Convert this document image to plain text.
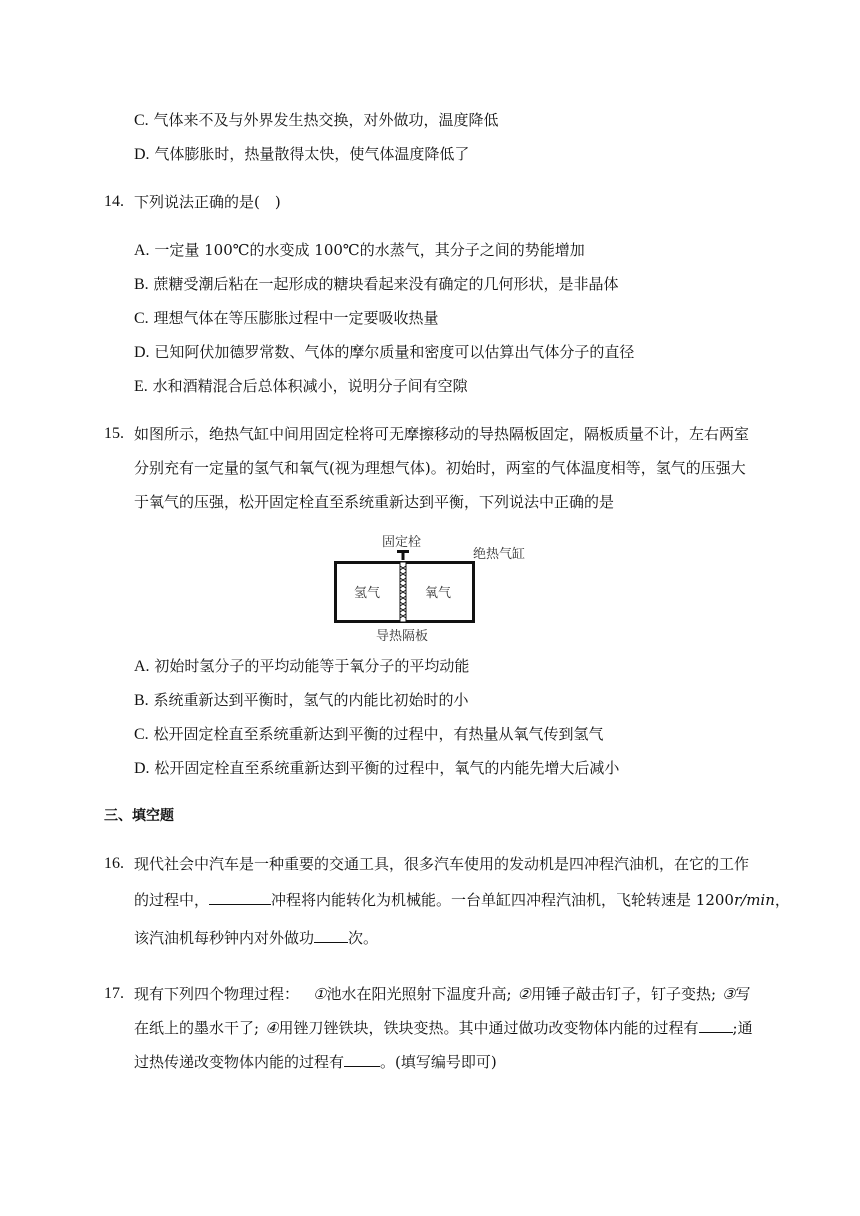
C. 气体来不及与外界发生热交换，对外做功，温度降低
D. 气体膨胀时，热量散得太快，使气体温度降低了
14. 下列说法正确的是(　)
A. 一定量 100℃的水变成 100℃的水蒸气，其分子之间的势能增加
B. 蔗糖受潮后粘在一起形成的糖块看起来没有确定的几何形状，是非晶体
C. 理想气体在等压膨胀过程中一定要吸收热量
D. 已知阿伏加德罗常数、气体的摩尔质量和密度可以估算出气体分子的直径
E. 水和酒精混合后总体积减小，说明分子间有空隙
15. 如图所示，绝热气缸中间用固定栓将可无摩擦移动的导热隔板固定，隔板质量不计，左右两室
分别充有一定量的氢气和氧气(视为理想气体)。初始时，两室的气体温度相等，氢气的压强大
于氧气的压强，松开固定栓直至系统重新达到平衡，下列说法中正确的是
固定栓
绝热气缸
氢气	氧气
导热隔板
A. 初始时氢分子的平均动能等于氧分子的平均动能
B. 系统重新达到平衡时，氢气的内能比初始时的小
C. 松开固定栓直至系统重新达到平衡的过程中，有热量从氧气传到氢气
D. 松开固定栓直至系统重新达到平衡的过程中，氧气的内能先增大后减小
三、填空题
16. 现代社会中汽车是一种重要的交通工具，很多汽车使用的发动机是四冲程汽油机，在它的工作
的过程中，	冲程将内能转化为机械能。一台单缸四冲程汽油机，飞轮转速是 1200r/min，
该汽油机每秒钟内对外做功 次。
17. 现有下列四个物理过程： ①池水在阳光照射下温度升高; ②用锤子敲击钉子，钉子变热; ③写
在纸上的墨水干了; ④用锉刀锉铁块，铁块变热。其中通过做功改变物体内能的过程有 ;通
过热传递改变物体内能的过程有 。(填写编号即可)
